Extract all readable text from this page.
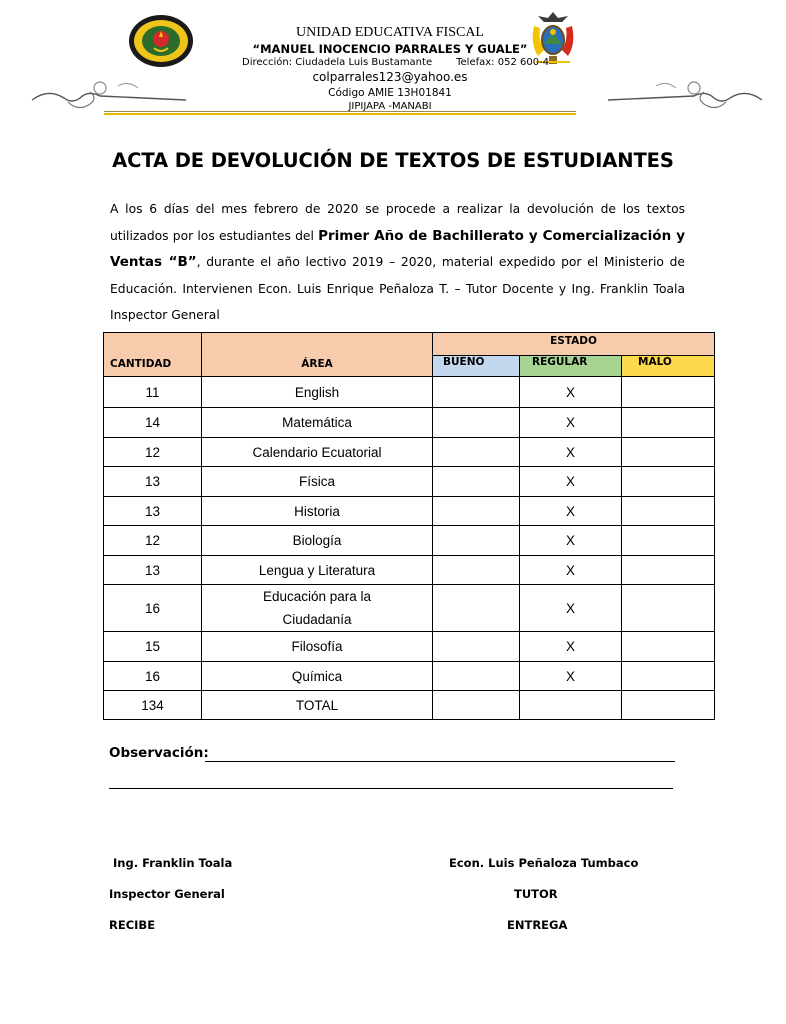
UNIDAD EDUCATIVA FISCAL
“MANUEL INOCENCIO PARRALES Y GUALE”
Dirección: Ciudadela Luis Bustamante Telefax: 052 600-4
colparrales123@yahoo.es
Código AMIE 13H01841
JIPIJAPA -MANABI
ACTA DE DEVOLUCIÓN DE TEXTOS DE ESTUDIANTES
A los 6 días del mes febrero de 2020 se procede a realizar la devolución de los textos utilizados por los estudiantes del Primer Año de Bachillerato y Comercialización y Ventas “B”, durante el año lectivo 2019 – 2020, material expedido por el Ministerio de Educación. Intervienen Econ. Luis Enrique Peñaloza T. – Tutor Docente y Ing. Franklin Toala Inspector General
CANTIDAD	ÁREA	ESTADO		
		BUENO	REGULAR	MALO
11	English		X	
14	Matemática		X	
12	Calendario Ecuatorial		X	
13	Física		X	
13	Historia		X	
12	Biología		X	
13	Lengua y Literatura		X	
16	Educación para la Ciudadanía		X	
15	Filosofía		X	
16	Química		X	
134	TOTAL			
Observación:
Ing. Franklin Toala
Inspector General
RECIBE
Econ. Luis Peñaloza Tumbaco
TUTOR
ENTREGA
